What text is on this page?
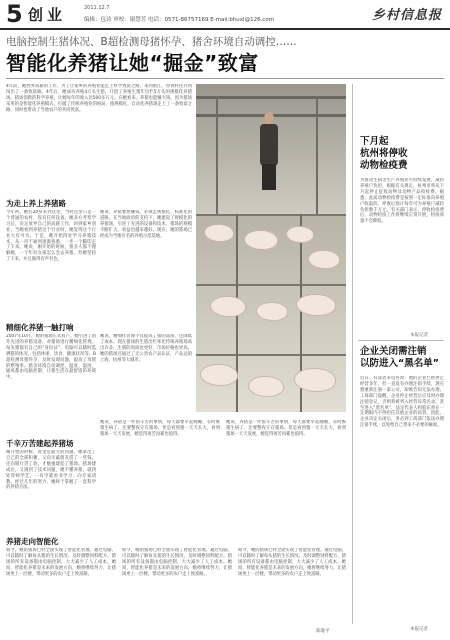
5 创业	2011.12.7
编辑：包诗 审校：谢慧芳 电话：0571-86757169 E-mail:bhuxl@126.com	乡村信息报
电脑控制生猪体况、B超检测母猪怀孕、猪舍环境自动调控……
智能化养猪让她“掘金”致富
4年前，她放弃高薪的工作，为了让家乡的养殖业能走上科学致富之路，来到浙江，带领村民共同闯出了一条致富路。4年后，她成功养殖4万头生猪，开创了养殖生猪年出栏5万头的规模化养猪场。猪场创新的科学养殖，让她每年的收入达500多万元。在她看来，养猪也能赚大钱，因为猪场采用的是智能化养殖模式，打破了传统养殖业的困局，使规模化、自动化养猪场走上了一条致富之路，同时也带动了当地农户的共同致富。
为走上养上养猪路
今年初，她打20岁来到这里，当时这里只是一个普通的农村，没有任何设备。她多方考察学习后，决定放弃自己的高薪工作，回到家乡创业。当她看到养猪这个行业时，她觉得这个行业大有可为。于是，她开始四处学习养猪技术，从一窍不通到逐渐熟悉，一步一个脚印走了下来。她说，刚开始的时候，很多人都不理解她，一个年轻女孩怎么会去养猪。但她坚持了下来，并且做得有声有色。
她说，养猪要想赚钱，必须走规模化、标准化的道路。在当地政府的支持下，她建起了规模化的养猪场，引进了先进的设备和技术，猪场的规模不断扩大，效益也越来越好。现在，她的猪场已经成为当地有名的养殖示范基地。
精细化养猪一触打响
2007年10月，她的猪场正式投产。她引进了国外先进的养猪设备，对猪场进行精细化管理。每头猪都有自己的“身份证”，电脑可以随时监测猪的体况，包括体重、饮食、健康状况等。B超检测母猪怀孕，及时发现问题，提高了母猪的繁殖率。猪舍环境自动调控，温度、湿度、通风都由电脑控制，让猪生活在最舒适的环境中。
她说，精细化管理不仅提高了猪的品质，还降低了成本。现在猪场的生猪出栏率比传统养殖场高出许多，生猪的肉质也更好，市场价格也更高。她的猪场还通过了无公害农产品认证，产品远销上海、杭州等大城市。
千辛万苦建起养猪场
刚开始的时候，资金是最大的问题。她拿出了自己的全部积蓄，又向亲戚朋友借了一些钱，还向银行贷了款，才勉强建起了猪场。猪场建成后，又遇到了技术问题，她不懂养猪，就四处拜师学艺，一有空就看书学习，向专家请教。经过几年的努力，她终于掌握了一套科学的养猪方法。
她说，养猪是一件很辛苦的事情，每天都要早起晚睡，有时候猪生病了，还要整夜守在猪场。但是看到猪一天天长大，看到猪场一天天发展，她觉得再苦再累也值得。
她说，养猪是一件很辛苦的事情，每天都要早起晚睡，有时候猪生病了，还要整夜守在猪场。但是看到猪一天天长大，看到猪场一天天发展，她觉得再苦再累也值得。
养猪走向智能化
如今，她的猪场已经全面实现了智能化管理。通过电脑，可以随时了解每头猪的生长情况，及时调整饲料配方。猪场的所有设备都由电脑控制，大大减少了人工成本。她说，智能化养猪是未来的发展方向，她将继续努力，让猪场更上一层楼，带动更多的农户走上致富路。
如今，她的猪场已经全面实现了智能化管理。通过电脑，可以随时了解每头猪的生长情况，及时调整饲料配方。猪场的所有设备都由电脑控制，大大减少了人工成本。她说，智能化养猪是未来的发展方向，她将继续努力，让猪场更上一层楼，带动更多的农户走上致富路。
如今，她的猪场已经全面实现了智能化管理。通过电脑，可以随时了解每头猪的生长情况，及时调整饲料配方。猪场的所有设备都由电脑控制，大大减少了人工成本。她说，智能化养猪是未来的发展方向，她将继续努力，让猪场更上一层楼，带动更多的农户走上致富路。
陈逸平
下月起
杭州将停收
动物检疫费
为推动生猪等生产养殖业可持续发展，减轻养殖户负担，根据有关规定，杭州市将从下月起停止征收动物及动物产品检疫费。据悉，此前动物检疫费是按照一定标准向养殖户收取的，停收后预计每年可为养殖户减轻负担数千万元。有关部门表示，停收检疫费后，动物检疫工作将继续正常开展，检疫质量不会降低。
本报记者
企业关闭需注销
以防进入“黑名单”
近日，有读者来电咨询：他的企业已经停止经营多年，但一直没有办理注销手续，现在想重新注册一家公司，却被告知无法办理。工商部门提醒，企业停止经营后应及时办理注销登记，否则将被列入经营异常名录，甚至进入“黑名单”，法定代表人和股东将在一定期限内不得担任其他企业的高管。因此，企业决定关闭后，务必到工商部门依法办理注销手续，以免给自己带来不必要的麻烦。
本报记者
